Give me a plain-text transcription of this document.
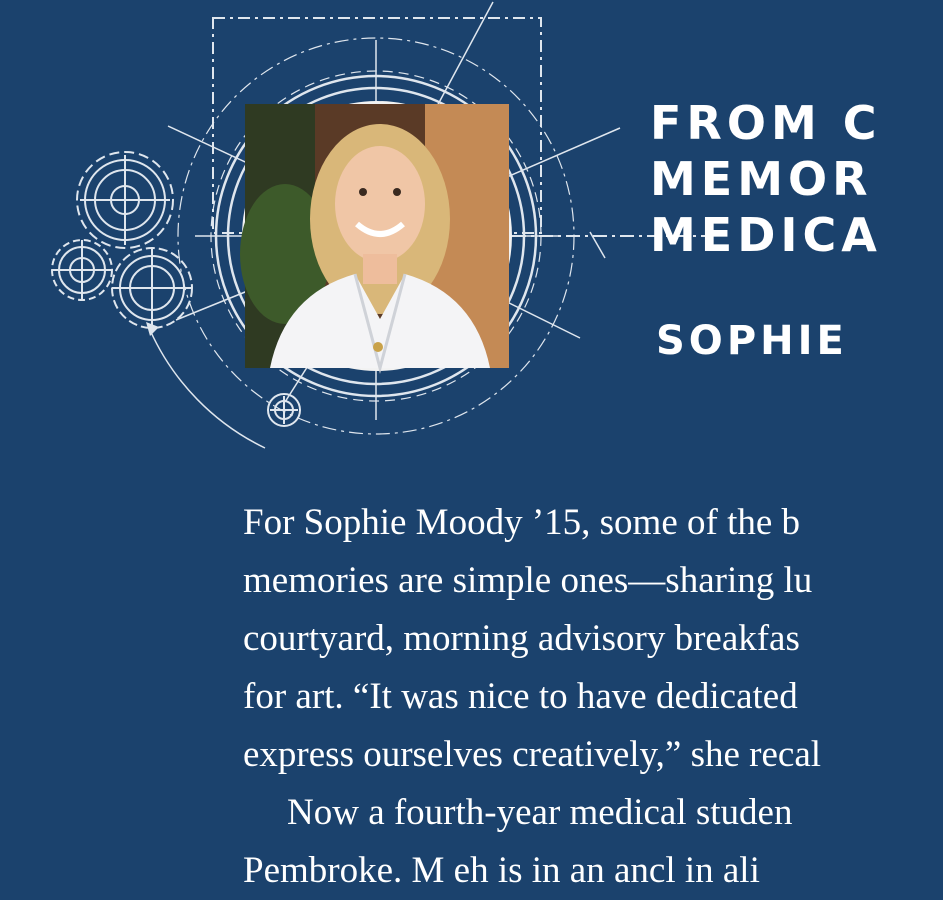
FROM C
MEMOR
MEDICA
SOPHIE

For Sophie Moody ’15, some of the b

memories are simple ones—sharing lu

courtyard, morning advisory breakfas

for art. “It was nice to have dedicated

express ourselves creatively,” she recal

Now a fourth-year medical studen

Pembroke. M eh is in an ancl in ali
